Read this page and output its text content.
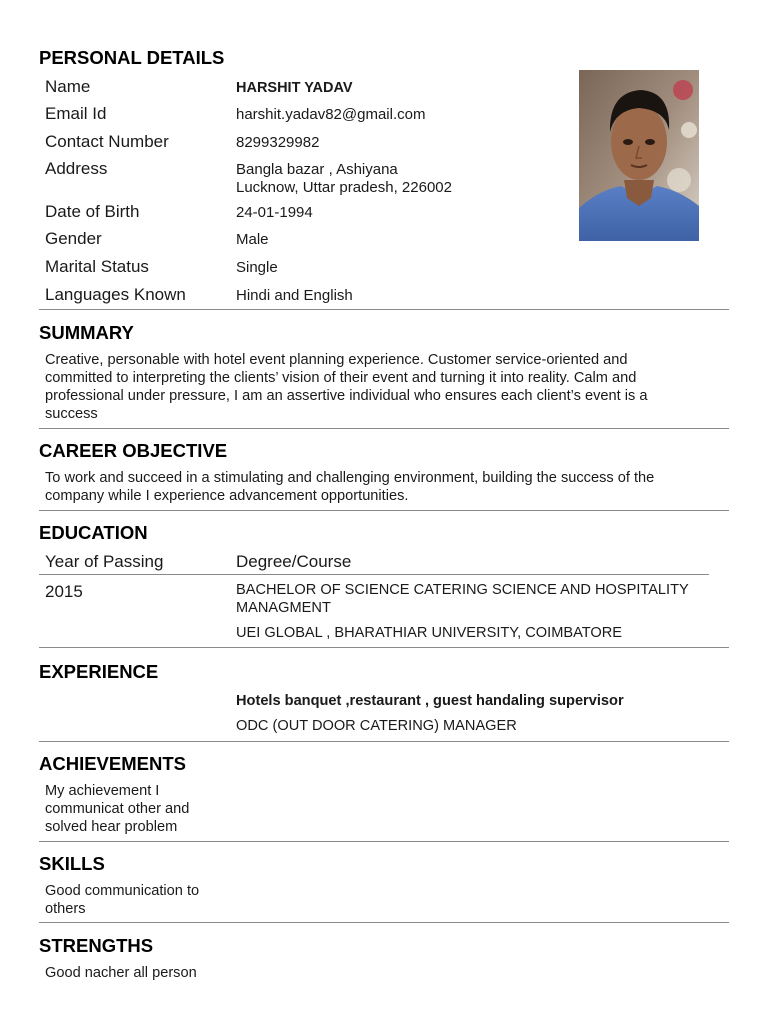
PERSONAL DETAILS
Name	HARSHIT YADAV
Email Id	harshit.yadav82@gmail.com
Contact Number	8299329982
Address	Bangla bazar , Ashiyana
Lucknow, Uttar pradesh, 226002
Date of Birth	24-01-1994
Gender	Male
Marital Status	Single
Languages Known	Hindi and English
SUMMARY
Creative, personable with hotel event planning experience. Customer service-oriented and
committed to interpreting the clients’ vision of their event and turning it into reality. Calm and
professional under pressure, I am an assertive individual who ensures each client’s event is a
success
CAREER OBJECTIVE
To work and succeed in a stimulating and challenging environment, building the success of the
company while I experience advancement opportunities.
EDUCATION
Year of Passing	Degree/Course
2015	BACHELOR OF SCIENCE CATERING SCIENCE AND HOSPITALITY
MANAGMENT
UEI GLOBAL , BHARATHIAR UNIVERSITY, COIMBATORE
EXPERIENCE
Hotels banquet ,restaurant , guest handaling supervisor
ODC (OUT DOOR CATERING) MANAGER
ACHIEVEMENTS
My achievement I
communicat other and
solved hear problem
SKILLS
Good communication to
others
STRENGTHS
Good nacher all person
